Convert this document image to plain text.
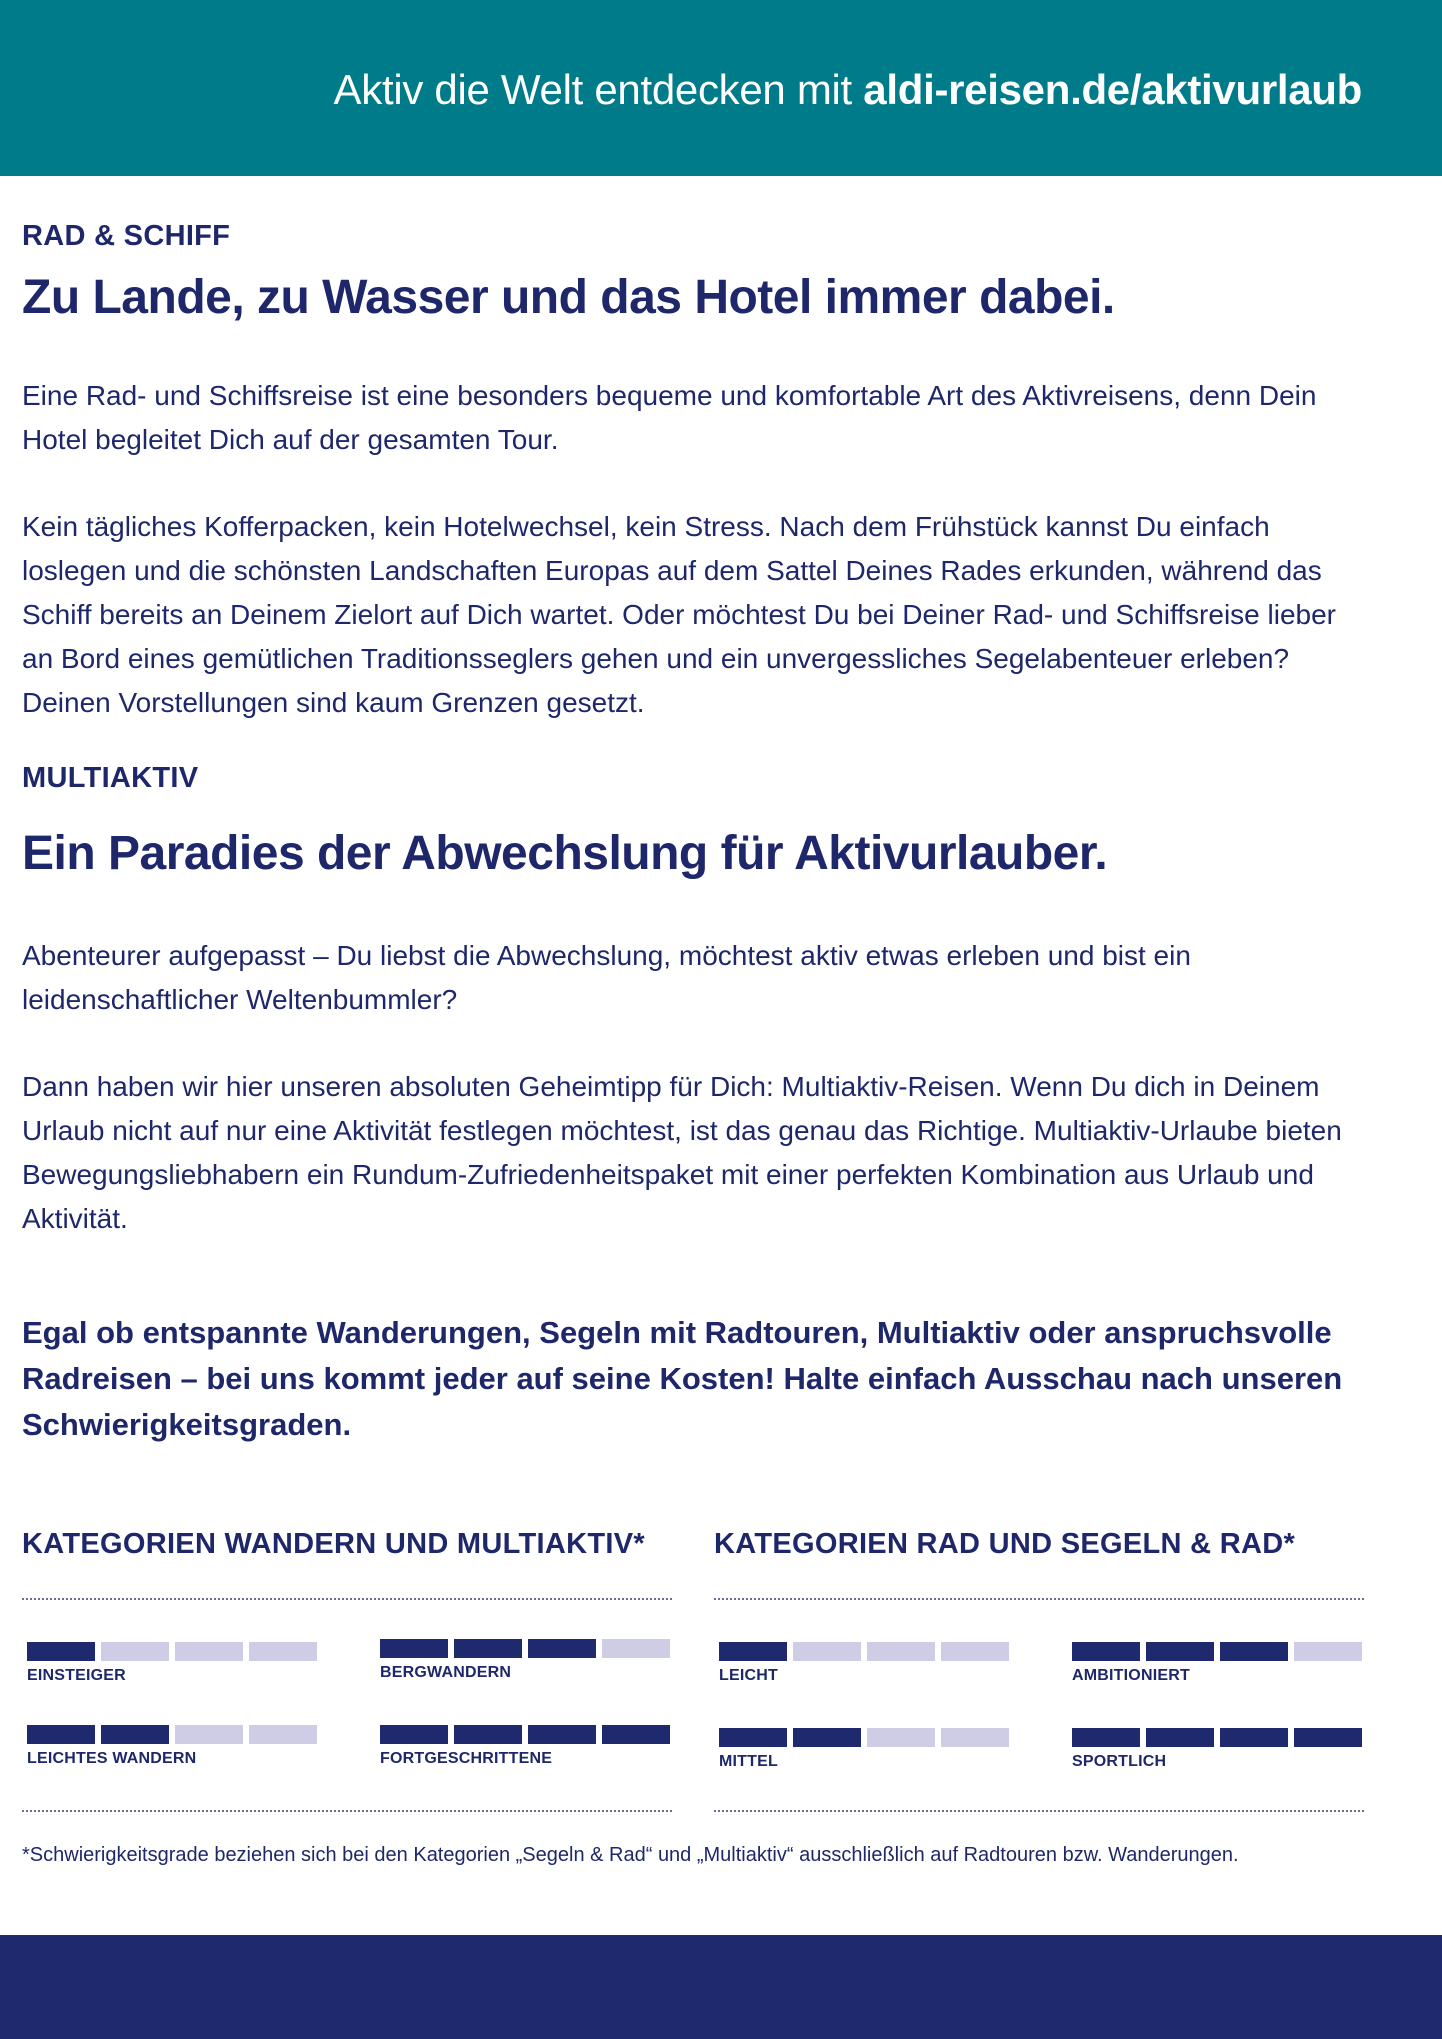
Aktiv die Welt entdecken mit aldi-reisen.de/aktivurlaub
RAD & SCHIFF
Zu Lande, zu Wasser und das Hotel immer dabei.
Eine Rad- und Schiffsreise ist eine besonders bequeme und komfortable Art des Aktivreisens, denn Dein Hotel begleitet Dich auf der gesamten Tour.
Kein tägliches Kofferpacken, kein Hotelwechsel, kein Stress. Nach dem Frühstück kannst Du einfach loslegen und die schönsten Landschaften Europas auf dem Sattel Deines Rades erkunden, während das Schiff bereits an Deinem Zielort auf Dich wartet. Oder möchtest Du bei Deiner Rad- und Schiffsreise lieber an Bord eines gemütlichen Traditionsseglers gehen und ein unvergessliches Segelabenteuer erleben? Deinen Vorstellungen sind kaum Grenzen gesetzt.
MULTIAKTIV
Ein Paradies der Abwechslung für Aktivurlauber.
Abenteurer aufgepasst – Du liebst die Abwechslung, möchtest aktiv etwas erleben und bist ein leidenschaftlicher Weltenbummler?
Dann haben wir hier unseren absoluten Geheimtipp für Dich: Multiaktiv-Reisen. Wenn Du dich in Deinem Urlaub nicht auf nur eine Aktivität festlegen möchtest, ist das genau das Richtige. Multiaktiv-Urlaube bieten Bewegungsliebhabern ein Rundum-Zufriedenheitspaket mit einer perfekten Kombination aus Urlaub und Aktivität.
Egal ob entspannte Wanderungen, Segeln mit Radtouren, Multiaktiv oder anspruchsvolle Radreisen – bei uns kommt jeder auf seine Kosten! Halte einfach Ausschau nach unseren Schwierigkeitsgraden.
KATEGORIEN WANDERN UND MULTIAKTIV* KATEGORIEN RAD UND SEGELN & RAD*
EINSTEIGER	BERGWANDERN
LEICHTES WANDERN	FORTGESCHRITTENE
LEICHT	AMBITIONIERT
MITTEL	SPORTLICH
*Schwierigkeitsgrade beziehen sich bei den Kategorien „Segeln & Rad“ und „Multiaktiv“ ausschließlich auf Radtouren bzw. Wanderungen.
